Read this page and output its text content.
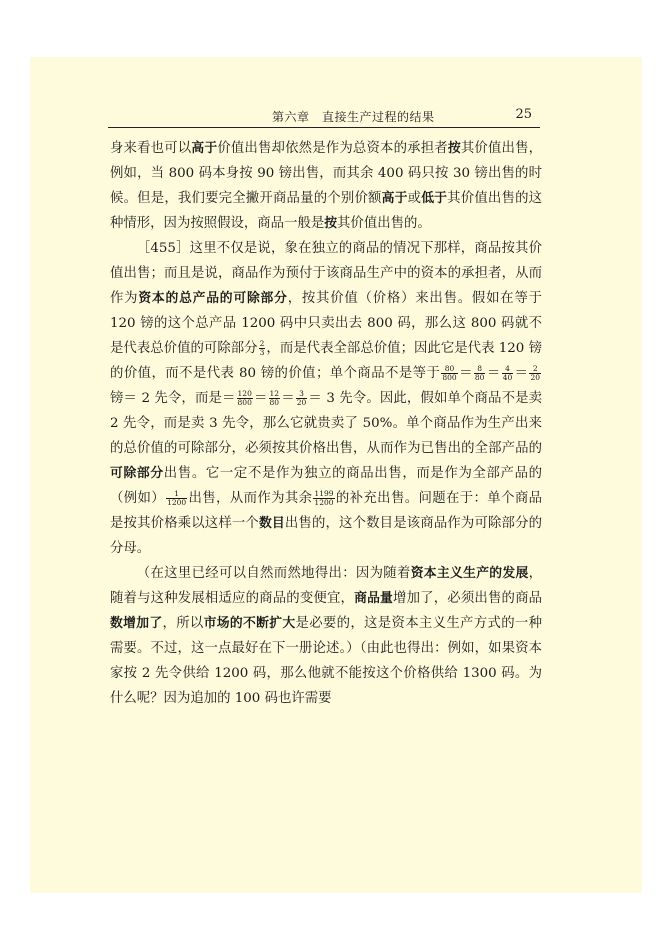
第六章　直接生产过程的结果	25

身来看也可以高于价值出售却依然是作为总资本的承担者按其价值出售，例如，当 800 码本身按 90 镑出售，而其余 400 码只按 30 镑出售的时候。但是，我们要完全撇开商品量的个别价额高于或低于其价值出售的这种情形，因为按照假设，商品一般是按其价值出售的。

［455］这里不仅是说，象在独立的商品的情况下那样，商品按其价值出售；而且是说，商品作为预付于该商品生产中的资本的承担者，从而作为资本的总产品的可除部分，按其价值（价格）来出售。假如在等于 120 镑的这个总产品 1200 码中只卖出去 800 码，那么这 800 码就不是代表总价值的可除部分 $\frac{2}{3}$ ，而是代表全部总价值；因此它是代表 120 镑的价值，而不是代表 80 镑的价值；单个商品不是等于 $\frac{80}{800} = \frac{8}{80} = \frac{4}{40} = \frac{2}{20}$
镑＝ 2 先令，而是＝ $\frac{120}{800} = \frac{12}{80} = \frac{3}{20} = 3$ 先令。因此，假如单个商品不是卖 2 先令，而是卖 3 先令，那么它就贵卖了 50%。单个商品作为生产出来的总价值的可除部分，必须按其价格出售，从而作为已售出的全部产品的可除部分出售。它一定不是作为独立的商品出售，而是作为全部产品的（例如） $\frac{1}{1200}$ 出售，从而作为其余 $\frac{1199}{1200}$ 的补充出售。问题在于：单个商品是按其价格乘以这样一个数目出售的，这个数目是该商品作为可除部分的分母。

（在这里已经可以自然而然地得出：因为随着资本主义生产的发展，随着与这种发展相适应的商品的变便宜，商品量增加了，必须出售的商品数增加了，所以市场的不断扩大是必要的，这是资本主义生产方式的一种需要。不过，这一点最好在下一册论述。）（由此也得出：例如，如果资本家按 2 先令供给 1200 码，那么他就不能按这个价格供给 1300 码。为什么呢？因为追加的 100 码也许需要
